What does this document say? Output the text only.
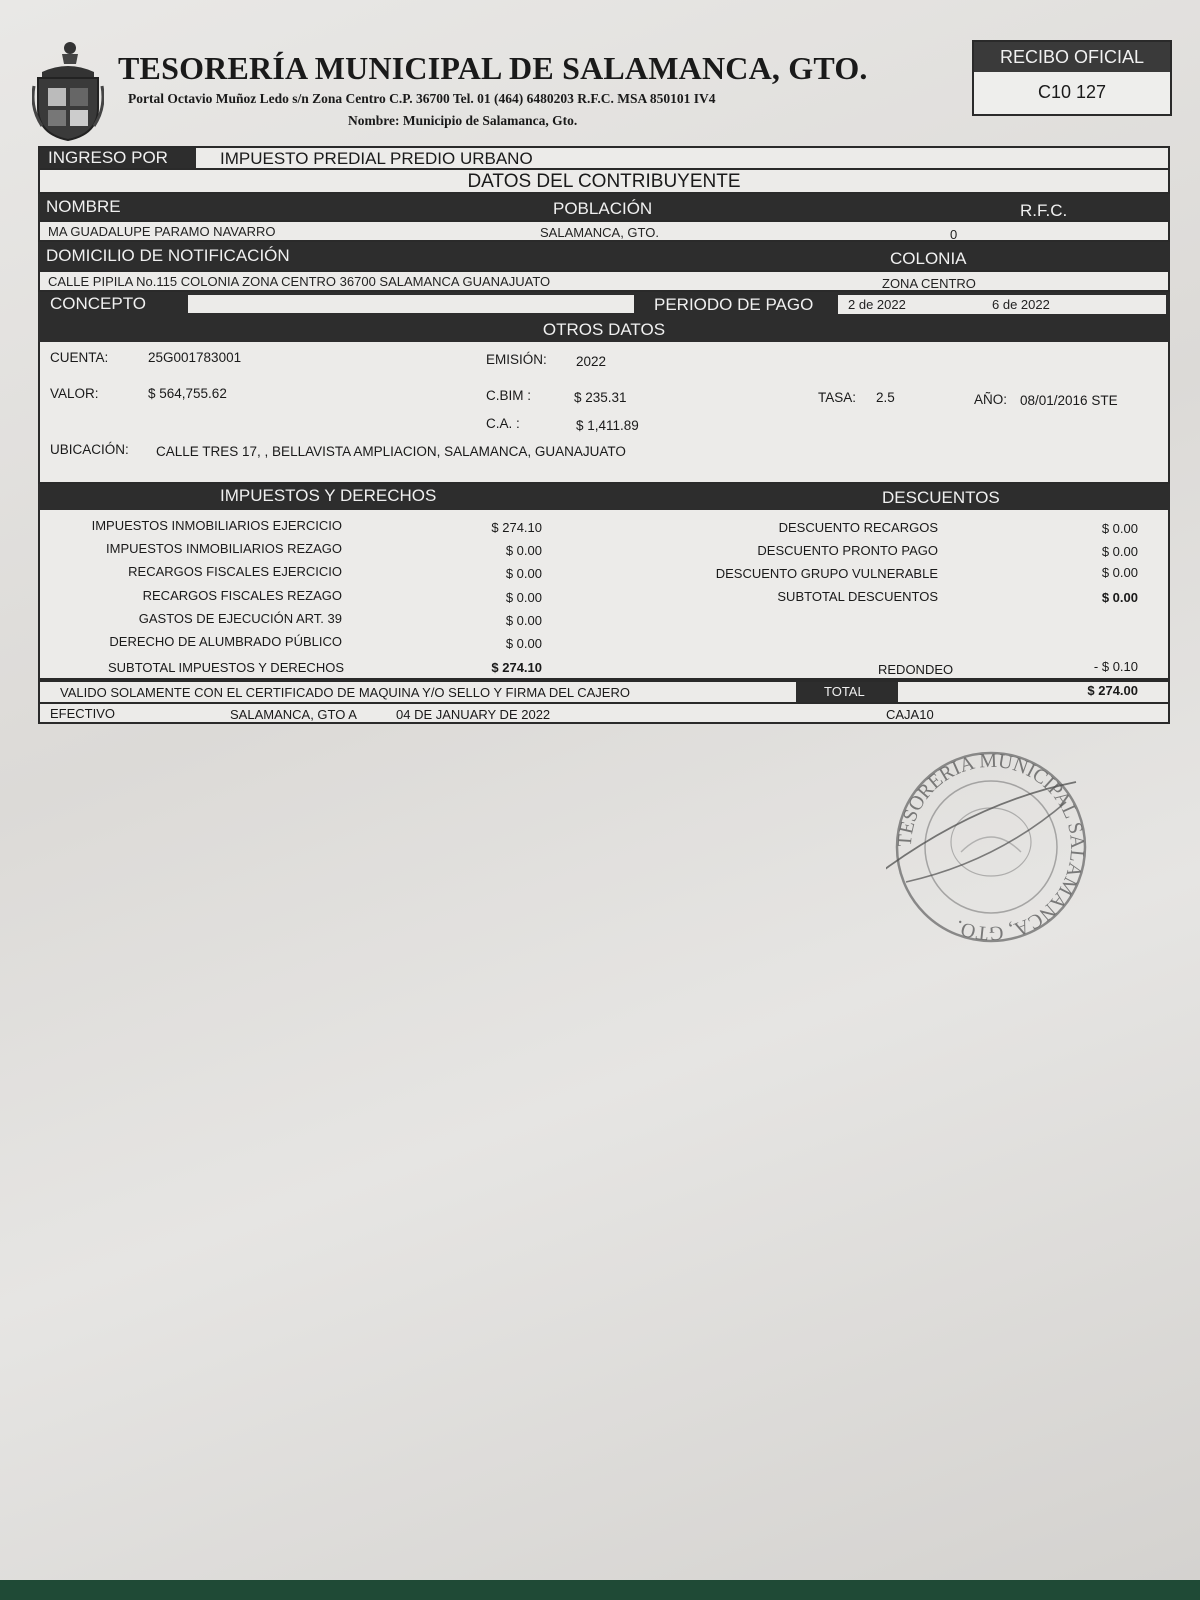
TESORERÍA MUNICIPAL DE SALAMANCA, GTO.
Portal Octavio Muñoz Ledo s/n Zona Centro C.P. 36700 Tel. 01 (464) 6480203 R.F.C. MSA 850101 IV4
Nombre: Municipio de Salamanca, Gto.
RECIBO OFICIAL
C10 127
INGRESO POR	IMPUESTO PREDIAL PREDIO URBANO
DATOS DEL CONTRIBUYENTE
NOMBRE	POBLACIÓN	R.F.C.
MA GUADALUPE PARAMO NAVARRO	SALAMANCA, GTO.	0
DOMICILIO DE NOTIFICACIÓN	COLONIA
CALLE PIPILA No.115 COLONIA ZONA CENTRO 36700 SALAMANCA GUANAJUATO	ZONA CENTRO
CONCEPTO	PERIODO DE PAGO	2 de 2022	6 de 2022
OTROS DATOS
CUENTA:	25G001783001	EMISIÓN: 2022
VALOR:	$ 564,755.62	C.BIM :	$ 235.31	TASA: 2.5	AÑO: 08/01/2016 STE
C.A. :	$ 1,411.89
UBICACIÓN: CALLE TRES 17, , BELLAVISTA AMPLIACION, SALAMANCA, GUANAJUATO
IMPUESTOS Y DERECHOS	DESCUENTOS
IMPUESTOS INMOBILIARIOS EJERCICIO	$ 274.10
IMPUESTOS INMOBILIARIOS REZAGO	$ 0.00
RECARGOS FISCALES EJERCICIO	$ 0.00
RECARGOS FISCALES REZAGO	$ 0.00
GASTOS DE EJECUCIÓN ART. 39	$ 0.00
DERECHO DE ALUMBRADO PÚBLICO	$ 0.00
SUBTOTAL IMPUESTOS Y DERECHOS	$ 274.10
DESCUENTO RECARGOS	$ 0.00
DESCUENTO PRONTO PAGO	$ 0.00
DESCUENTO GRUPO VULNERABLE	$ 0.00
SUBTOTAL DESCUENTOS	$ 0.00
REDONDEO	- $ 0.10
VALIDO SOLAMENTE CON EL CERTIFICADO DE MAQUINA Y/O SELLO Y FIRMA DEL CAJERO	TOTAL	$ 274.00
EFECTIVO	SALAMANCA, GTO A	04 DE JANUARY DE 2022	CAJA10
TESORERIA MUNICIPAL SALAMANCA, GTO.
